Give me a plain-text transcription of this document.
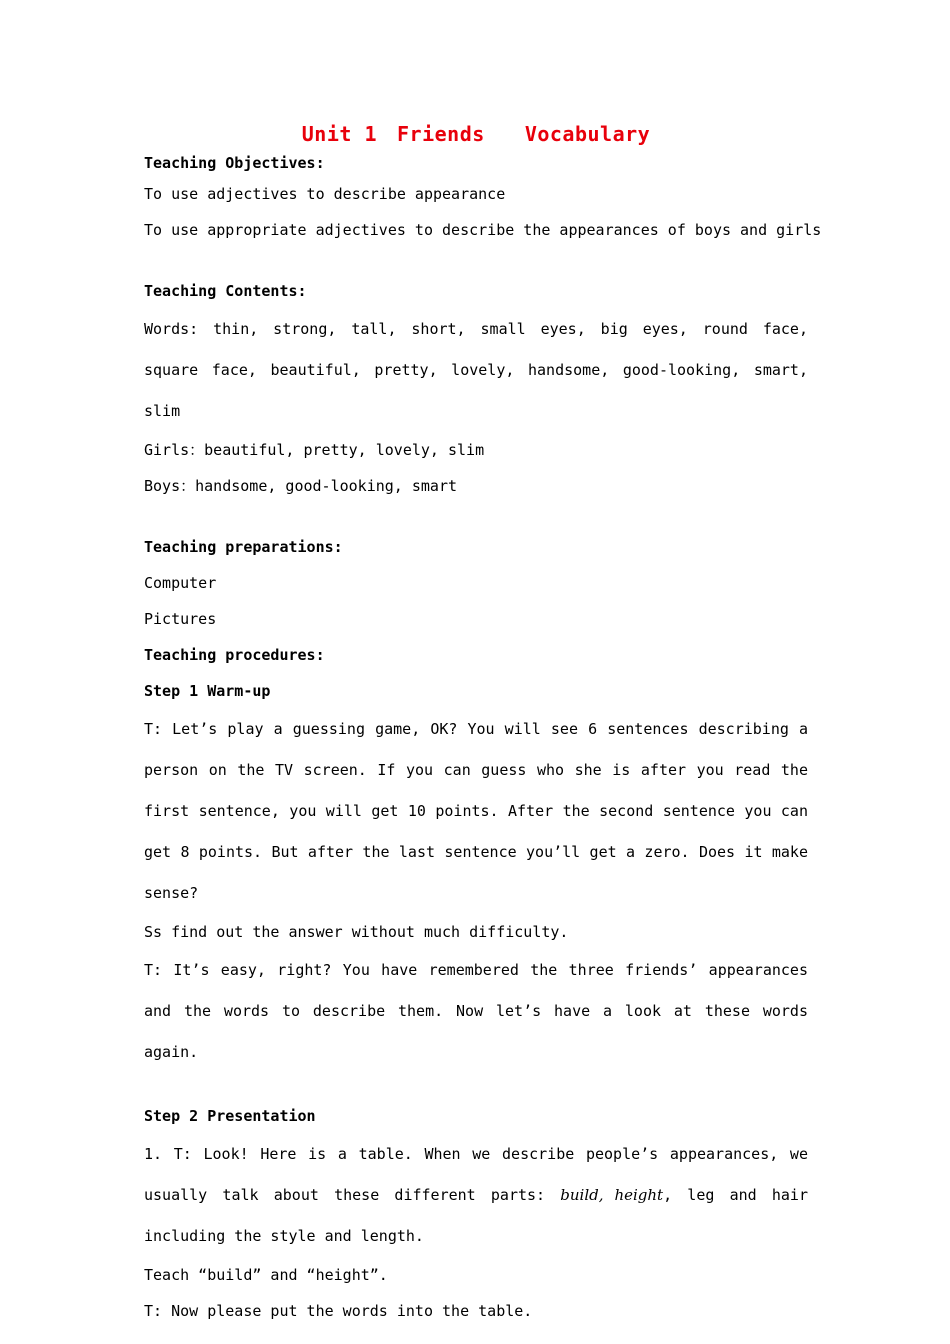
Unit 1 Friends Vocabulary
Teaching Objectives:
To use adjectives to describe appearance
To use appropriate adjectives to describe the appearances of boys and girls
Teaching Contents:
Words: thin, strong, tall, short, small eyes, big eyes, round face, square face, beautiful, pretty, lovely, handsome, good-looking, smart, slim
Girls：beautiful, pretty, lovely, slim
Boys：handsome, good-looking, smart
Teaching preparations:
Computer
Pictures
Teaching procedures:
Step 1 Warm-up
T: Let’s play a guessing game, OK? You will see 6 sentences describing a person on the TV screen. If you can guess who she is after you read the first sentence, you will get 10 points. After the second sentence you can get 8 points. But after the last sentence you’ll get a zero. Does it make sense?
Ss find out the answer without much difficulty.
T: It’s easy, right? You have remembered the three friends’ appearances and the words to describe them. Now let’s have a look at these words again.
Step 2 Presentation
1. T: Look! Here is a table. When we describe people’s appearances, we usually talk about these different parts: build, height, leg and hair including the style and length.
Teach “build” and “height”.
T: Now please put the words into the table.
